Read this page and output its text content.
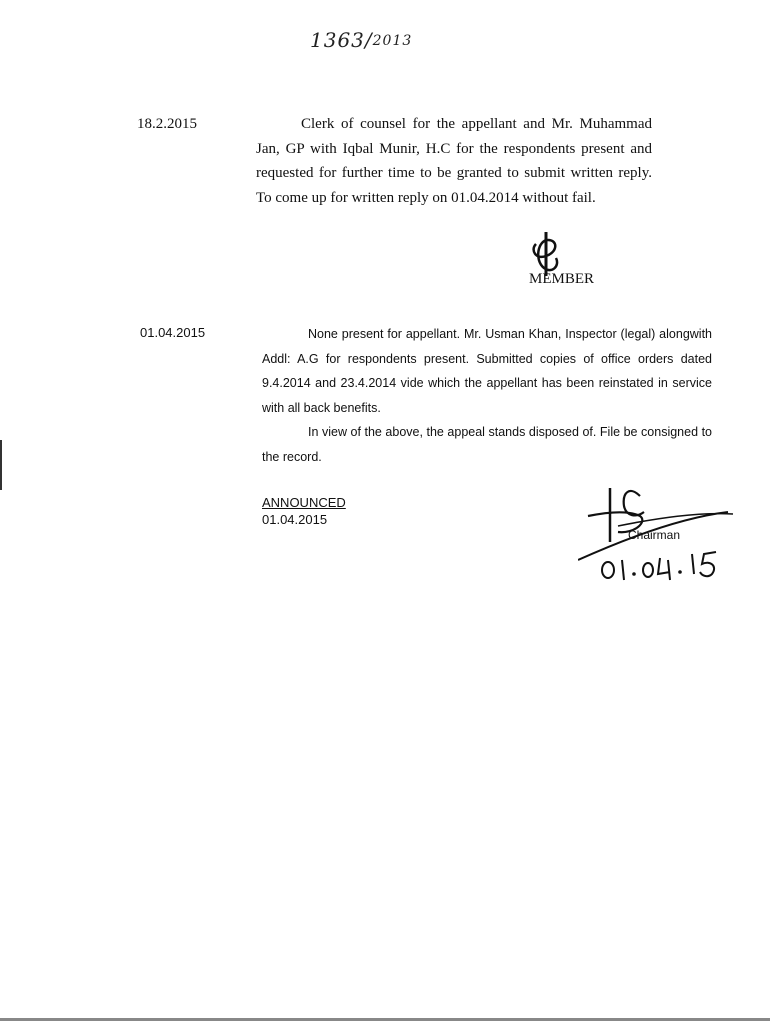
1363/2013
18.2.2015	Clerk of counsel for the appellant and Mr. Muhammad Jan, GP with Iqbal Munir, H.C for the respondents present and requested for further time to be granted to submit written reply. To come up for written reply on 01.04.2014 without fail.
MEMBER
01.04.2015	None present for appellant. Mr. Usman Khan, Inspector (legal) alongwith Addl: A.G for respondents present. Submitted copies of office orders dated 9.4.2014 and 23.4.2014 vide which the appellant has been reinstated in service with all back benefits.

In view of the above, the appeal stands disposed of. File be consigned to the record.

ANNOUNCED
01.04.2015
Chairman
